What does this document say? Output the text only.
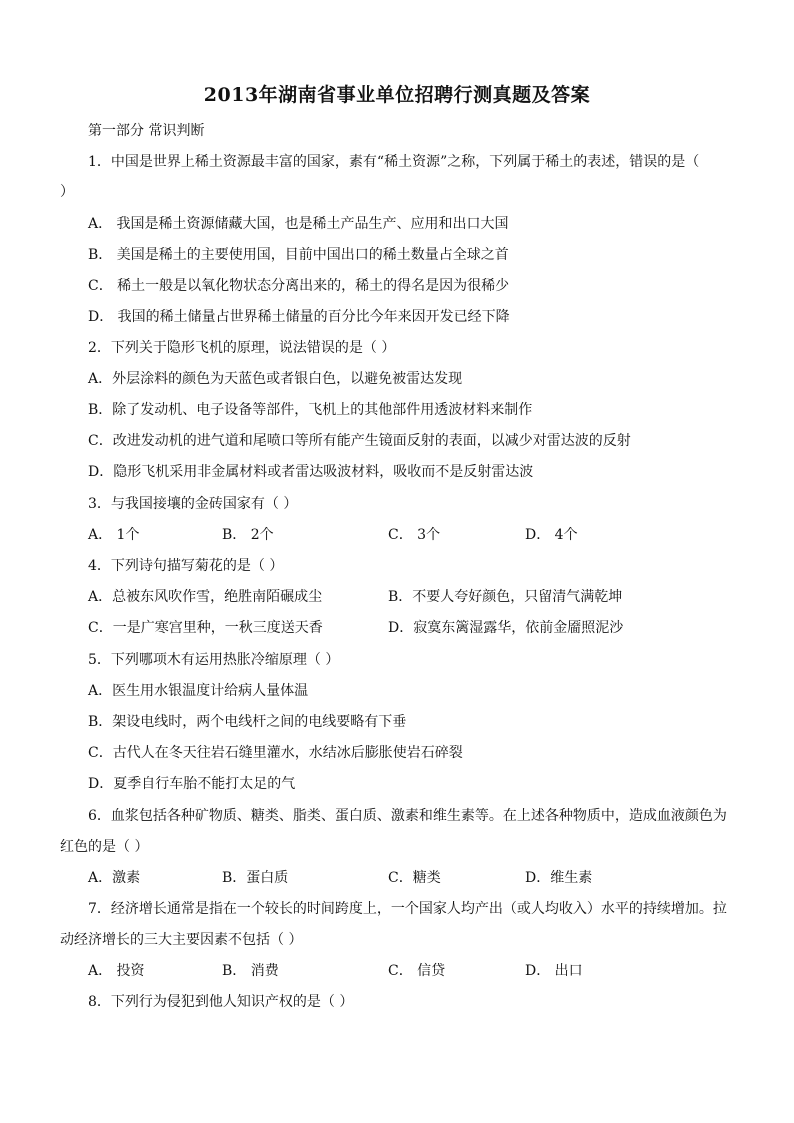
2013年湖南省事业单位招聘行测真题及答案
第一部分 常识判断
1．中国是世界上稀土资源最丰富的国家，素有“稀土资源”之称，下列属于稀土的表述，错误的是（
）
A． 我国是稀土资源储藏大国，也是稀土产品生产、应用和出口大国
B． 美国是稀土的主要使用国，目前中国出口的稀土数量占全球之首
C． 稀土一般是以氧化物状态分离出来的，稀土的得名是因为很稀少
D． 我国的稀土储量占世界稀土储量的百分比今年来因开发已经下降
2．下列关于隐形飞机的原理，说法错误的是（ ）
A．外层涂料的颜色为天蓝色或者银白色，以避免被雷达发现
B．除了发动机、电子设备等部件，飞机上的其他部件用透波材料来制作
C．改进发动机的进气道和尾喷口等所有能产生镜面反射的表面，以减少对雷达波的反射
D．隐形飞机采用非金属材料或者雷达吸波材料，吸收而不是反射雷达波
3．与我国接壤的金砖国家有（ ）
A． 1个	B． 2个	C． 3个	D． 4个
4．下列诗句描写菊花的是（ ）
A．总被东风吹作雪，绝胜南陌碾成尘	B．不要人夸好颜色，只留清气满乾坤
C．一是广寒宫里种，一秋三度送天香	D．寂寞东篱湿露华，依前金靥照泥沙
5．下列哪项木有运用热胀冷缩原理（ ）
A．医生用水银温度计给病人量体温
B．架设电线时，两个电线杆之间的电线要略有下垂
C．古代人在冬天往岩石缝里灌水，水结冰后膨胀使岩石碎裂
D．夏季自行车胎不能打太足的气
6．血浆包括各种矿物质、糖类、脂类、蛋白质、激素和维生素等。在上述各种物质中，造成血液颜色为
红色的是（ ）
A．激素	B．蛋白质	C．糖类	D．维生素
7．经济增长通常是指在一个较长的时间跨度上，一个国家人均产出（或人均收入）水平的持续增加。拉
动经济增长的三大主要因素不包括（ ）
A． 投资	B． 消费	C． 信贷	D． 出口
8．下列行为侵犯到他人知识产权的是（ ）
